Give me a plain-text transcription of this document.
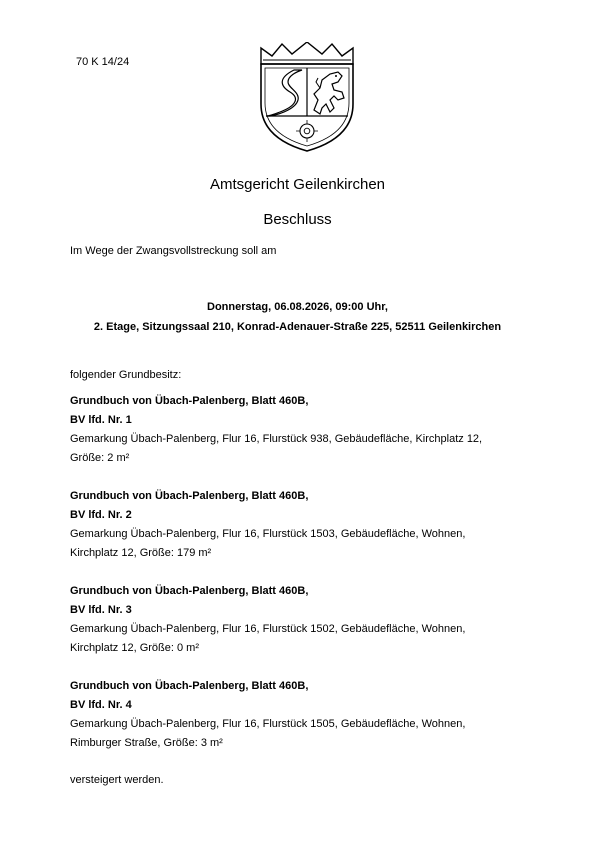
70 K 14/24
Amtsgericht Geilenkirchen
Beschluss
Im Wege der Zwangsvollstreckung soll am
Donnerstag, 06.08.2026, 09:00 Uhr,
2. Etage, Sitzungssaal 210, Konrad-Adenauer-Straße 225, 52511 Geilenkirchen
folgender Grundbesitz:
Grundbuch von Übach-Palenberg, Blatt 460B,
BV lfd. Nr. 1
Gemarkung Übach-Palenberg, Flur 16, Flurstück 938, Gebäudefläche, Kirchplatz 12,
Größe: 2 m²
Grundbuch von Übach-Palenberg, Blatt 460B,
BV lfd. Nr. 2
Gemarkung Übach-Palenberg, Flur 16, Flurstück 1503, Gebäudefläche, Wohnen,
Kirchplatz 12, Größe: 179 m²
Grundbuch von Übach-Palenberg, Blatt 460B,
BV lfd. Nr. 3
Gemarkung Übach-Palenberg, Flur 16, Flurstück 1502, Gebäudefläche, Wohnen,
Kirchplatz 12, Größe: 0 m²
Grundbuch von Übach-Palenberg, Blatt 460B,
BV lfd. Nr. 4
Gemarkung Übach-Palenberg, Flur 16, Flurstück 1505, Gebäudefläche, Wohnen,
Rimburger Straße, Größe: 3 m²
versteigert werden.
